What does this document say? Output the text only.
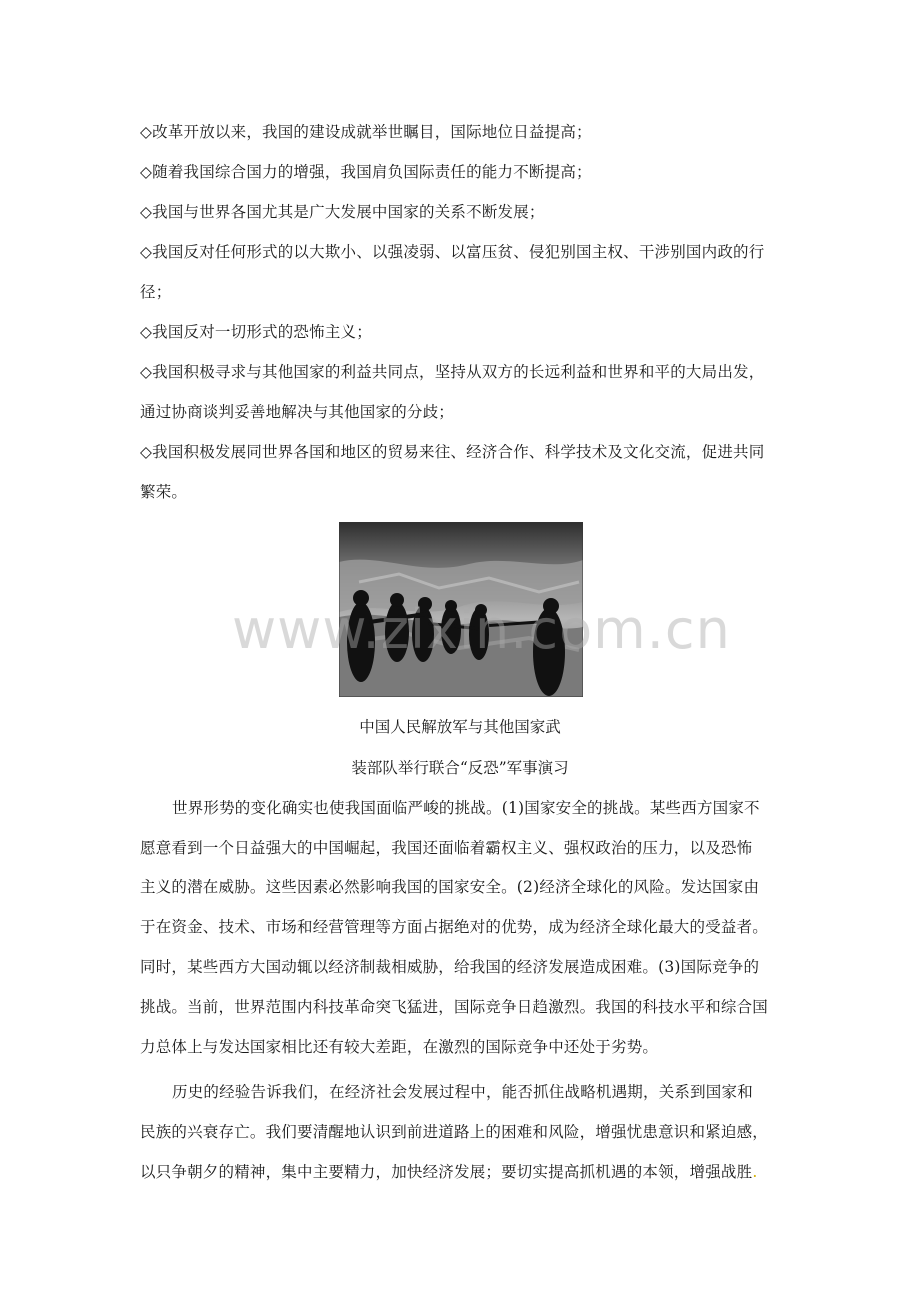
◇改革开放以来，我国的建设成就举世瞩目，国际地位日益提高；
◇随着我国综合国力的增强，我国肩负国际责任的能力不断提高；
◇我国与世界各国尤其是广大发展中国家的关系不断发展；
◇我国反对任何形式的以大欺小、以强凌弱、以富压贫、侵犯别国主权、干涉别国内政的行
径；
◇我国反对一切形式的恐怖主义；
◇我国积极寻求与其他国家的利益共同点，坚持从双方的长远利益和世界和平的大局出发，
通过协商谈判妥善地解决与其他国家的分歧；
◇我国积极发展同世界各国和地区的贸易来往、经济合作、科学技术及文化交流，促进共同
繁荣。
www.zixin.com.cn
中国人民解放军与其他国家武
装部队举行联合“反恐”军事演习
世界形势的变化确实也使我国面临严峻的挑战。(1)国家安全的挑战。某些西方国家不
愿意看到一个日益强大的中国崛起，我国还面临着霸权主义、强权政治的压力，以及恐怖
主义的潜在威胁。这些因素必然影响我国的国家安全。(2)经济全球化的风险。发达国家由
于在资金、技术、市场和经营管理等方面占据绝对的优势，成为经济全球化最大的受益者。
同时，某些西方大国动辄以经济制裁相威胁，给我国的经济发展造成困难。(3)国际竞争的
挑战。当前，世界范围内科技革命突飞猛进，国际竞争日趋激烈。我国的科技水平和综合国
力总体上与发达国家相比还有较大差距，在激烈的国际竞争中还处于劣势。
历史的经验告诉我们，在经济社会发展过程中，能否抓住战略机遇期，关系到国家和
民族的兴衰存亡。我们要清醒地认识到前进道路上的困难和风险，增强忧患意识和紧迫感，
以只争朝夕的精神，集中主要精力，加快经济发展；要切实提高抓机遇的本领，增强战胜.
